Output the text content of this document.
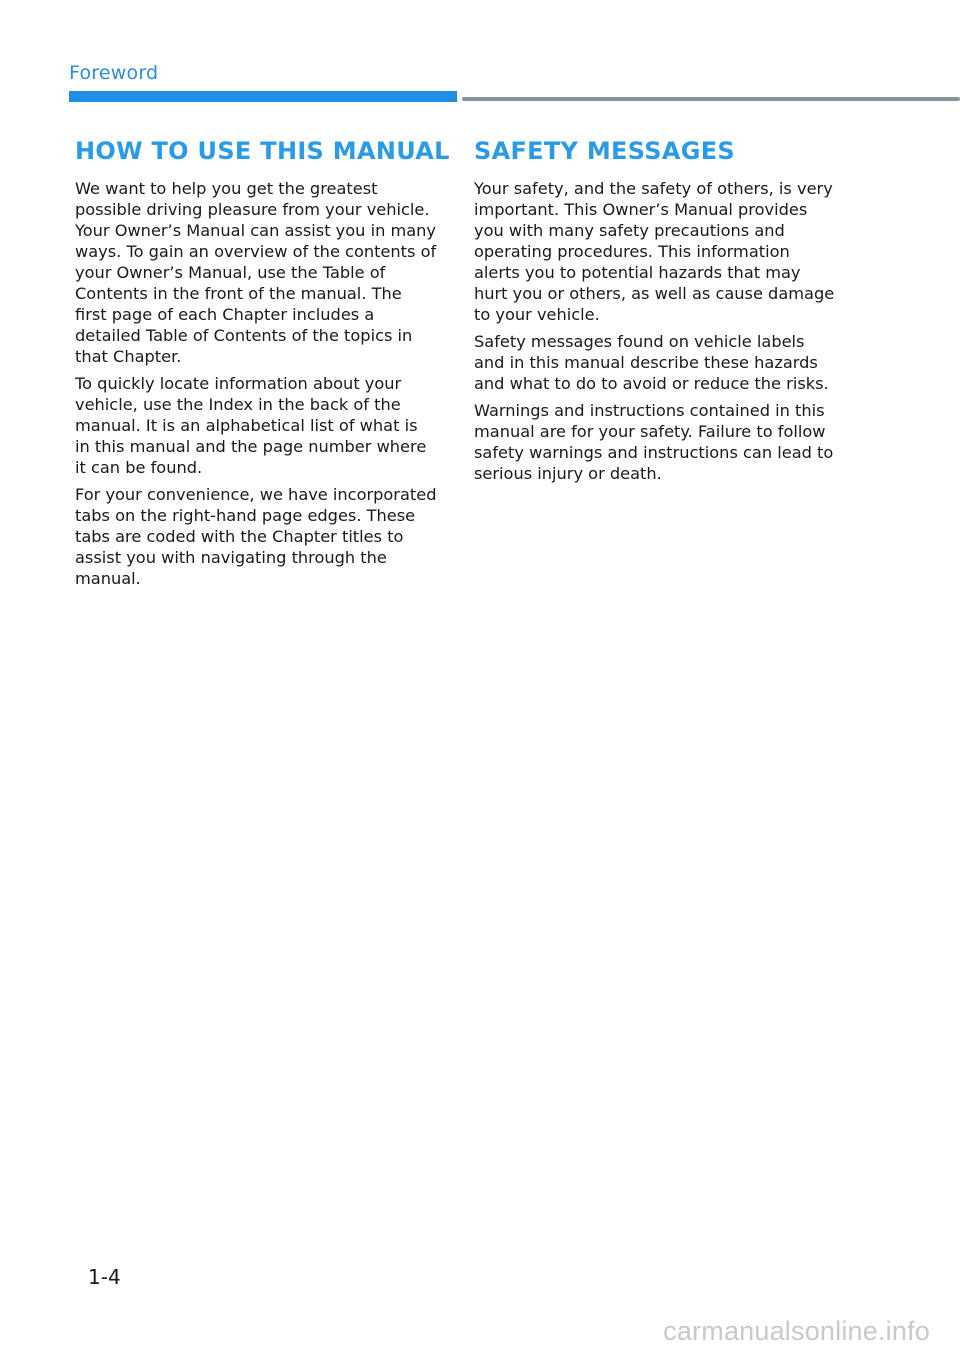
Foreword
HOW TO USE THIS MANUAL

We want to help you get the greatest possible driving pleasure from your vehicle. Your Owner’s Manual can assist you in many ways. To gain an overview of the contents of your Owner’s Manual, use the Table of Contents in the front of the manual. The first page of each Chapter includes a detailed Table of Contents of the topics in that Chapter.

To quickly locate information about your vehicle, use the Index in the back of the manual. It is an alphabetical list of what is in this manual and the page number where it can be found.

For your convenience, we have incorporated tabs on the right-hand page edges. These tabs are coded with the Chapter titles to assist you with navigating through the manual.

SAFETY MESSAGES

Your safety, and the safety of others, is very important. This Owner’s Manual provides you with many safety precautions and operating procedures. This information alerts you to potential hazards that may hurt you or others, as well as cause damage to your vehicle.

Safety messages found on vehicle labels and in this manual describe these hazards and what to do to avoid or reduce the risks.

Warnings and instructions contained in this manual are for your safety. Failure to follow safety warnings and instructions can lead to serious injury or death.

1-4
carmanualsonline.info
